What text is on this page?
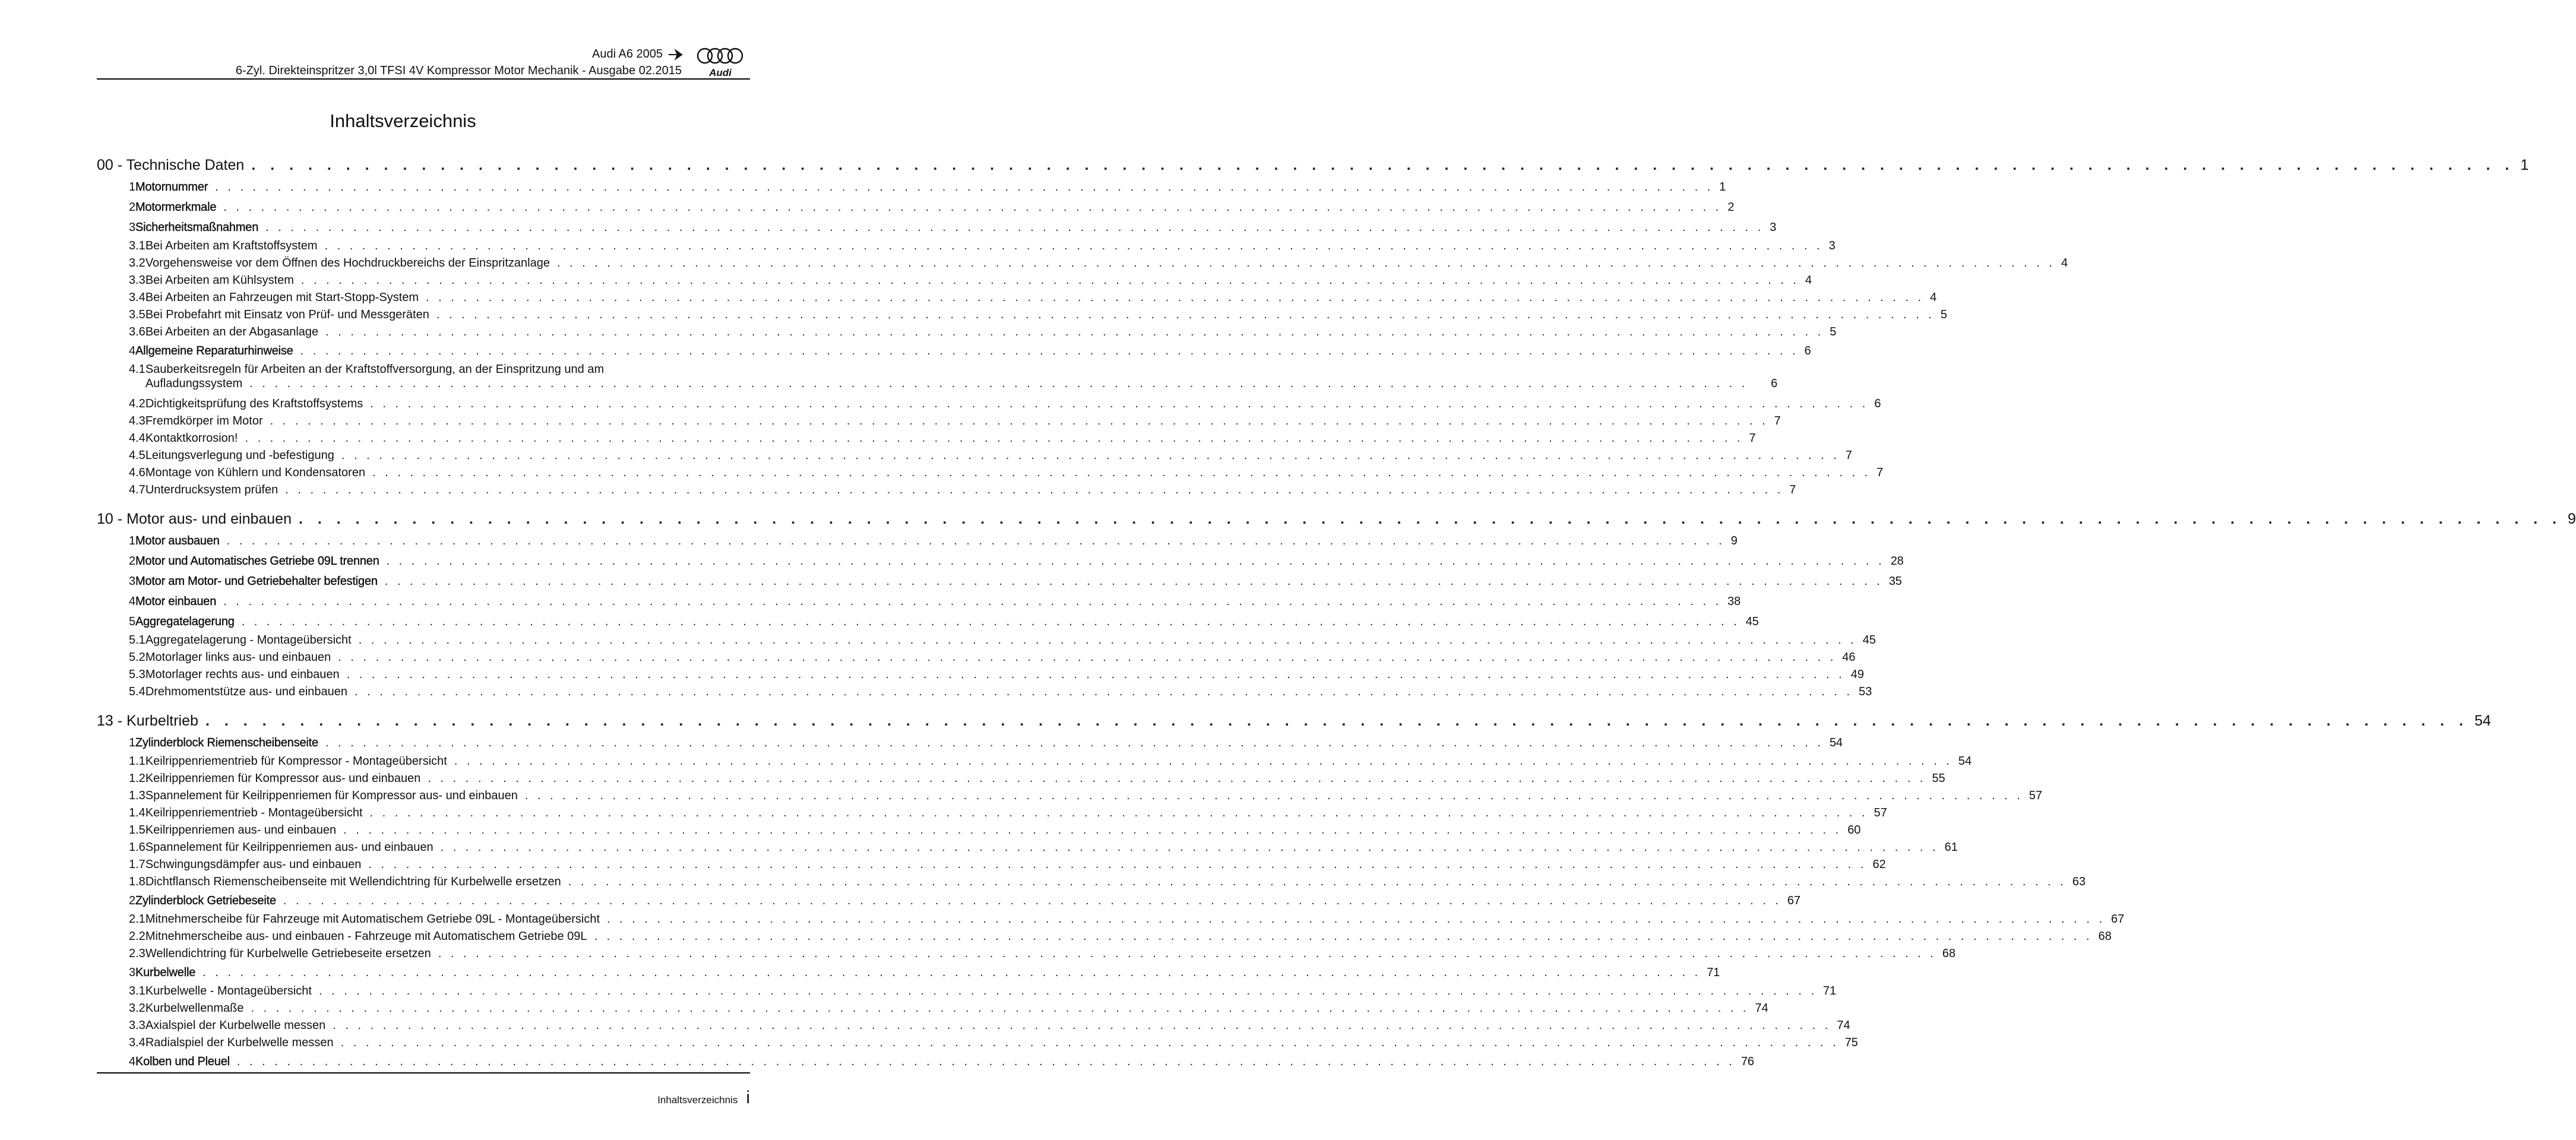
Audi A6 2005
6-Zyl. Direkteinspritzer 3,0l TFSI 4V Kompressor Motor Mechanik - Ausgabe 02.2015	Audi
Inhaltsverzeichnis
00 - Technische Daten . . . . . . . . . . . . . . . . . . . . . . . . . . . . . . . . . . . . . . . . . . . . . . . . . . . . . . . . . . . . . . . . . . . . . . . . . . . . . . . . . . . . . . . . . . . . . . . . . . . . . . . . . . . . . . . . . . . . . . . . 1
1 Motornummer . . . . . . . . . . . . . . . . . . . . . . . . . . . . . . . . . . . . . . . . . . . . . . . . . . . . . . . . . . . . . . . . . . . . . . . . . . . . . . . . . . . . . . . . . . . . . . . . . . . . . . . . . . . . . . . . . . . . . . . . 1
2 Motormerkmale . . . . . . . . . . . . . . . . . . . . . . . . . . . . . . . . . . . . . . . . . . . . . . . . . . . . . . . . . . . . . . . . . . . . . . . . . . . . . . . . . . . . . . . . . . . . . . . . . . . . . . . . . . . . . . . . . . . . . . . . 2
3 Sicherheitsmaßnahmen . . . . . . . . . . . . . . . . . . . . . . . . . . . . . . . . . . . . . . . . . . . . . . . . . . . . . . . . . . . . . . . . . . . . . . . . . . . . . . . . . . . . . . . . . . . . . . . . . . . . . . . . . . . . . . . . . . . . . . . . 3
3.1 Bei Arbeiten am Kraftstoffsystem . . . . . . . . . . . . . . . . . . . . . . . . . . . . . . . . . . . . . . . . . . . . . . . . . . . . . . . . . . . . . . . . . . . . . . . . . . . . . . . . . . . . . . . . . . . . . . . . . . . . . . . . . . . . . . . . . . . . . . . . 3
3.2 Vorgehensweise vor dem Öffnen des Hochdruckbereichs der Einspritzanlage . . . . . . . . . . . . . . . . . . . . . . . . . . . . . . . . . . . . . . . . . . . . . . . . . . . . . . . . . . . . . . . . . . . . . . . . . . . . . . . . . . . . . . . . . . . . . . . . . . . . . . . . . . . . . . . . . . . . . . . . 4
3.3 Bei Arbeiten am Kühlsystem . . . . . . . . . . . . . . . . . . . . . . . . . . . . . . . . . . . . . . . . . . . . . . . . . . . . . . . . . . . . . . . . . . . . . . . . . . . . . . . . . . . . . . . . . . . . . . . . . . . . . . . . . . . . . . . . . . . . . . . . 4
3.4 Bei Arbeiten an Fahrzeugen mit Start-Stopp-System . . . . . . . . . . . . . . . . . . . . . . . . . . . . . . . . . . . . . . . . . . . . . . . . . . . . . . . . . . . . . . . . . . . . . . . . . . . . . . . . . . . . . . . . . . . . . . . . . . . . . . . . . . . . . . . . . . . . . . . . 4
3.5 Bei Probefahrt mit Einsatz von Prüf- und Messgeräten . . . . . . . . . . . . . . . . . . . . . . . . . . . . . . . . . . . . . . . . . . . . . . . . . . . . . . . . . . . . . . . . . . . . . . . . . . . . . . . . . . . . . . . . . . . . . . . . . . . . . . . . . . . . . . . . . . . . . . . . 5
3.6 Bei Arbeiten an der Abgasanlage . . . . . . . . . . . . . . . . . . . . . . . . . . . . . . . . . . . . . . . . . . . . . . . . . . . . . . . . . . . . . . . . . . . . . . . . . . . . . . . . . . . . . . . . . . . . . . . . . . . . . . . . . . . . . . . . . . . . . . . . 5
4 Allgemeine Reparaturhinweise . . . . . . . . . . . . . . . . . . . . . . . . . . . . . . . . . . . . . . . . . . . . . . . . . . . . . . . . . . . . . . . . . . . . . . . . . . . . . . . . . . . . . . . . . . . . . . . . . . . . . . . . . . . . . . . . . . . . . . . . 6
4.1 Sauberkeitsregeln für Arbeiten an der Kraftstoffversorgung, an der Einspritzung und am
Aufladungssystem . . . . . . . . . . . . . . . . . . . . . . . . . . . . . . . . . . . . . . . . . . . . . . . . . . . . . . . . . . . . . . . . . . . . . . . . . . . . . . . . . . . . . . . . . . . . . . . . . . . . . . . . . . . . . . . . . . . . . . . .	6
4.2 Dichtigkeitsprüfung des Kraftstoffsystems . . . . . . . . . . . . . . . . . . . . . . . . . . . . . . . . . . . . . . . . . . . . . . . . . . . . . . . . . . . . . . . . . . . . . . . . . . . . . . . . . . . . . . . . . . . . . . . . . . . . . . . . . . . . . . . . . . . . . . . . 6
4.3 Fremdkörper im Motor . . . . . . . . . . . . . . . . . . . . . . . . . . . . . . . . . . . . . . . . . . . . . . . . . . . . . . . . . . . . . . . . . . . . . . . . . . . . . . . . . . . . . . . . . . . . . . . . . . . . . . . . . . . . . . . . . . . . . . . . 7
4.4 Kontaktkorrosion! . . . . . . . . . . . . . . . . . . . . . . . . . . . . . . . . . . . . . . . . . . . . . . . . . . . . . . . . . . . . . . . . . . . . . . . . . . . . . . . . . . . . . . . . . . . . . . . . . . . . . . . . . . . . . . . . . . . . . . . . 7
4.5 Leitungsverlegung und -befestigung . . . . . . . . . . . . . . . . . . . . . . . . . . . . . . . . . . . . . . . . . . . . . . . . . . . . . . . . . . . . . . . . . . . . . . . . . . . . . . . . . . . . . . . . . . . . . . . . . . . . . . . . . . . . . . . . . . . . . . . . 7
4.6 Montage von Kühlern und Kondensatoren . . . . . . . . . . . . . . . . . . . . . . . . . . . . . . . . . . . . . . . . . . . . . . . . . . . . . . . . . . . . . . . . . . . . . . . . . . . . . . . . . . . . . . . . . . . . . . . . . . . . . . . . . . . . . . . . . . . . . . . . 7
4.7 Unterdrucksystem prüfen . . . . . . . . . . . . . . . . . . . . . . . . . . . . . . . . . . . . . . . . . . . . . . . . . . . . . . . . . . . . . . . . . . . . . . . . . . . . . . . . . . . . . . . . . . . . . . . . . . . . . . . . . . . . . . . . . . . . . . . . 7
10 - Motor aus- und einbauen . . . . . . . . . . . . . . . . . . . . . . . . . . . . . . . . . . . . . . . . . . . . . . . . . . . . . . . . . . . . . . . . . . . . . . . . . . . . . . . . . . . . . . . . . . . . . . . . . . . . . . . . . . . . . . . . . . . . . . . . 9
1 Motor ausbauen . . . . . . . . . . . . . . . . . . . . . . . . . . . . . . . . . . . . . . . . . . . . . . . . . . . . . . . . . . . . . . . . . . . . . . . . . . . . . . . . . . . . . . . . . . . . . . . . . . . . . . . . . . . . . . . . . . . . . . . . 9
2 Motor und Automatisches Getriebe 09L trennen . . . . . . . . . . . . . . . . . . . . . . . . . . . . . . . . . . . . . . . . . . . . . . . . . . . . . . . . . . . . . . . . . . . . . . . . . . . . . . . . . . . . . . . . . . . . . . . . . . . . . . . . . . . . . . . . . . . . . . . . 28
3 Motor am Motor- und Getriebehalter befestigen . . . . . . . . . . . . . . . . . . . . . . . . . . . . . . . . . . . . . . . . . . . . . . . . . . . . . . . . . . . . . . . . . . . . . . . . . . . . . . . . . . . . . . . . . . . . . . . . . . . . . . . . . . . . . . . . . . . . . . . . 35
4 Motor einbauen . . . . . . . . . . . . . . . . . . . . . . . . . . . . . . . . . . . . . . . . . . . . . . . . . . . . . . . . . . . . . . . . . . . . . . . . . . . . . . . . . . . . . . . . . . . . . . . . . . . . . . . . . . . . . . . . . . . . . . . . 38
5 Aggregatelagerung . . . . . . . . . . . . . . . . . . . . . . . . . . . . . . . . . . . . . . . . . . . . . . . . . . . . . . . . . . . . . . . . . . . . . . . . . . . . . . . . . . . . . . . . . . . . . . . . . . . . . . . . . . . . . . . . . . . . . . . . 45
5.1 Aggregatelagerung - Montageübersicht . . . . . . . . . . . . . . . . . . . . . . . . . . . . . . . . . . . . . . . . . . . . . . . . . . . . . . . . . . . . . . . . . . . . . . . . . . . . . . . . . . . . . . . . . . . . . . . . . . . . . . . . . . . . . . . . . . . . . . . . 45
5.2 Motorlager links aus- und einbauen . . . . . . . . . . . . . . . . . . . . . . . . . . . . . . . . . . . . . . . . . . . . . . . . . . . . . . . . . . . . . . . . . . . . . . . . . . . . . . . . . . . . . . . . . . . . . . . . . . . . . . . . . . . . . . . . . . . . . . . . 46
5.3 Motorlager rechts aus- und einbauen . . . . . . . . . . . . . . . . . . . . . . . . . . . . . . . . . . . . . . . . . . . . . . . . . . . . . . . . . . . . . . . . . . . . . . . . . . . . . . . . . . . . . . . . . . . . . . . . . . . . . . . . . . . . . . . . . . . . . . . . 49
5.4 Drehmomentstütze aus- und einbauen . . . . . . . . . . . . . . . . . . . . . . . . . . . . . . . . . . . . . . . . . . . . . . . . . . . . . . . . . . . . . . . . . . . . . . . . . . . . . . . . . . . . . . . . . . . . . . . . . . . . . . . . . . . . . . . . . . . . . . . . 53
13 - Kurbeltrieb . . . . . . . . . . . . . . . . . . . . . . . . . . . . . . . . . . . . . . . . . . . . . . . . . . . . . . . . . . . . . . . . . . . . . . . . . . . . . . . . . . . . . . . . . . . . . . . . . . . . . . . . . . . . . . . . . . . . . . . . 54
1 Zylinderblock Riemenscheibenseite . . . . . . . . . . . . . . . . . . . . . . . . . . . . . . . . . . . . . . . . . . . . . . . . . . . . . . . . . . . . . . . . . . . . . . . . . . . . . . . . . . . . . . . . . . . . . . . . . . . . . . . . . . . . . . . . . . . . . . . . 54
1.1 Keilrippenriementrieb für Kompressor - Montageübersicht . . . . . . . . . . . . . . . . . . . . . . . . . . . . . . . . . . . . . . . . . . . . . . . . . . . . . . . . . . . . . . . . . . . . . . . . . . . . . . . . . . . . . . . . . . . . . . . . . . . . . . . . . . . . . . . . . . . . . . . . 54
1.2 Keilrippenriemen für Kompressor aus- und einbauen . . . . . . . . . . . . . . . . . . . . . . . . . . . . . . . . . . . . . . . . . . . . . . . . . . . . . . . . . . . . . . . . . . . . . . . . . . . . . . . . . . . . . . . . . . . . . . . . . . . . . . . . . . . . . . . . . . . . . . . . 55
1.3 Spannelement für Keilrippenriemen für Kompressor aus- und einbauen . . . . . . . . . . . . . . . . . . . . . . . . . . . . . . . . . . . . . . . . . . . . . . . . . . . . . . . . . . . . . . . . . . . . . . . . . . . . . . . . . . . . . . . . . . . . . . . . . . . . . . . . . . . . . . . . . . . . . . . . 57
1.4 Keilrippenriementrieb - Montageübersicht . . . . . . . . . . . . . . . . . . . . . . . . . . . . . . . . . . . . . . . . . . . . . . . . . . . . . . . . . . . . . . . . . . . . . . . . . . . . . . . . . . . . . . . . . . . . . . . . . . . . . . . . . . . . . . . . . . . . . . . . 57
1.5 Keilrippenriemen aus- und einbauen . . . . . . . . . . . . . . . . . . . . . . . . . . . . . . . . . . . . . . . . . . . . . . . . . . . . . . . . . . . . . . . . . . . . . . . . . . . . . . . . . . . . . . . . . . . . . . . . . . . . . . . . . . . . . . . . . . . . . . . . 60
1.6 Spannelement für Keilrippenriemen aus- und einbauen . . . . . . . . . . . . . . . . . . . . . . . . . . . . . . . . . . . . . . . . . . . . . . . . . . . . . . . . . . . . . . . . . . . . . . . . . . . . . . . . . . . . . . . . . . . . . . . . . . . . . . . . . . . . . . . . . . . . . . . . 61
1.7 Schwingungsdämpfer aus- und einbauen . . . . . . . . . . . . . . . . . . . . . . . . . . . . . . . . . . . . . . . . . . . . . . . . . . . . . . . . . . . . . . . . . . . . . . . . . . . . . . . . . . . . . . . . . . . . . . . . . . . . . . . . . . . . . . . . . . . . . . . . 62
1.8 Dichtflansch Riemenscheibenseite mit Wellendichtring für Kurbelwelle ersetzen . . . . . . . . . . . . . . . . . . . . . . . . . . . . . . . . . . . . . . . . . . . . . . . . . . . . . . . . . . . . . . . . . . . . . . . . . . . . . . . . . . . . . . . . . . . . . . . . . . . . . . . . . . . . . . . . . . . . . . . . 63
2 Zylinderblock Getriebeseite . . . . . . . . . . . . . . . . . . . . . . . . . . . . . . . . . . . . . . . . . . . . . . . . . . . . . . . . . . . . . . . . . . . . . . . . . . . . . . . . . . . . . . . . . . . . . . . . . . . . . . . . . . . . . . . . . . . . . . . . 67
2.1 Mitnehmerscheibe für Fahrzeuge mit Automatischem Getriebe 09L - Montageübersicht . . . . . . . . . . . . . . . . . . . . . . . . . . . . . . . . . . . . . . . . . . . . . . . . . . . . . . . . . . . . . . . . . . . . . . . . . . . . . . . . . . . . . . . . . . . . . . . . . . . . . . . . . . . . . . . . . . . . . . . . 67
2.2 Mitnehmerscheibe aus- und einbauen - Fahrzeuge mit Automatischem Getriebe 09L . . . . . . . . . . . . . . . . . . . . . . . . . . . . . . . . . . . . . . . . . . . . . . . . . . . . . . . . . . . . . . . . . . . . . . . . . . . . . . . . . . . . . . . . . . . . . . . . . . . . . . . . . . . . . . . . . . . . . . . . 68
2.3 Wellendichtring für Kurbelwelle Getriebeseite ersetzen . . . . . . . . . . . . . . . . . . . . . . . . . . . . . . . . . . . . . . . . . . . . . . . . . . . . . . . . . . . . . . . . . . . . . . . . . . . . . . . . . . . . . . . . . . . . . . . . . . . . . . . . . . . . . . . . . . . . . . . . 68
3 Kurbelwelle . . . . . . . . . . . . . . . . . . . . . . . . . . . . . . . . . . . . . . . . . . . . . . . . . . . . . . . . . . . . . . . . . . . . . . . . . . . . . . . . . . . . . . . . . . . . . . . . . . . . . . . . . . . . . . . . . . . . . . . . 71
3.1 Kurbelwelle - Montageübersicht . . . . . . . . . . . . . . . . . . . . . . . . . . . . . . . . . . . . . . . . . . . . . . . . . . . . . . . . . . . . . . . . . . . . . . . . . . . . . . . . . . . . . . . . . . . . . . . . . . . . . . . . . . . . . . . . . . . . . . . . 71
3.2 Kurbelwellenmaße . . . . . . . . . . . . . . . . . . . . . . . . . . . . . . . . . . . . . . . . . . . . . . . . . . . . . . . . . . . . . . . . . . . . . . . . . . . . . . . . . . . . . . . . . . . . . . . . . . . . . . . . . . . . . . . . . . . . . . . . 74
3.3 Axialspiel der Kurbelwelle messen . . . . . . . . . . . . . . . . . . . . . . . . . . . . . . . . . . . . . . . . . . . . . . . . . . . . . . . . . . . . . . . . . . . . . . . . . . . . . . . . . . . . . . . . . . . . . . . . . . . . . . . . . . . . . . . . . . . . . . . . 74
3.4 Radialspiel der Kurbelwelle messen . . . . . . . . . . . . . . . . . . . . . . . . . . . . . . . . . . . . . . . . . . . . . . . . . . . . . . . . . . . . . . . . . . . . . . . . . . . . . . . . . . . . . . . . . . . . . . . . . . . . . . . . . . . . . . . . . . . . . . . . 75
4 Kolben und Pleuel . . . . . . . . . . . . . . . . . . . . . . . . . . . . . . . . . . . . . . . . . . . . . . . . . . . . . . . . . . . . . . . . . . . . . . . . . . . . . . . . . . . . . . . . . . . . . . . . . . . . . . . . . . . . . . . . . . . . . . . . 76
Inhaltsverzeichnis i
